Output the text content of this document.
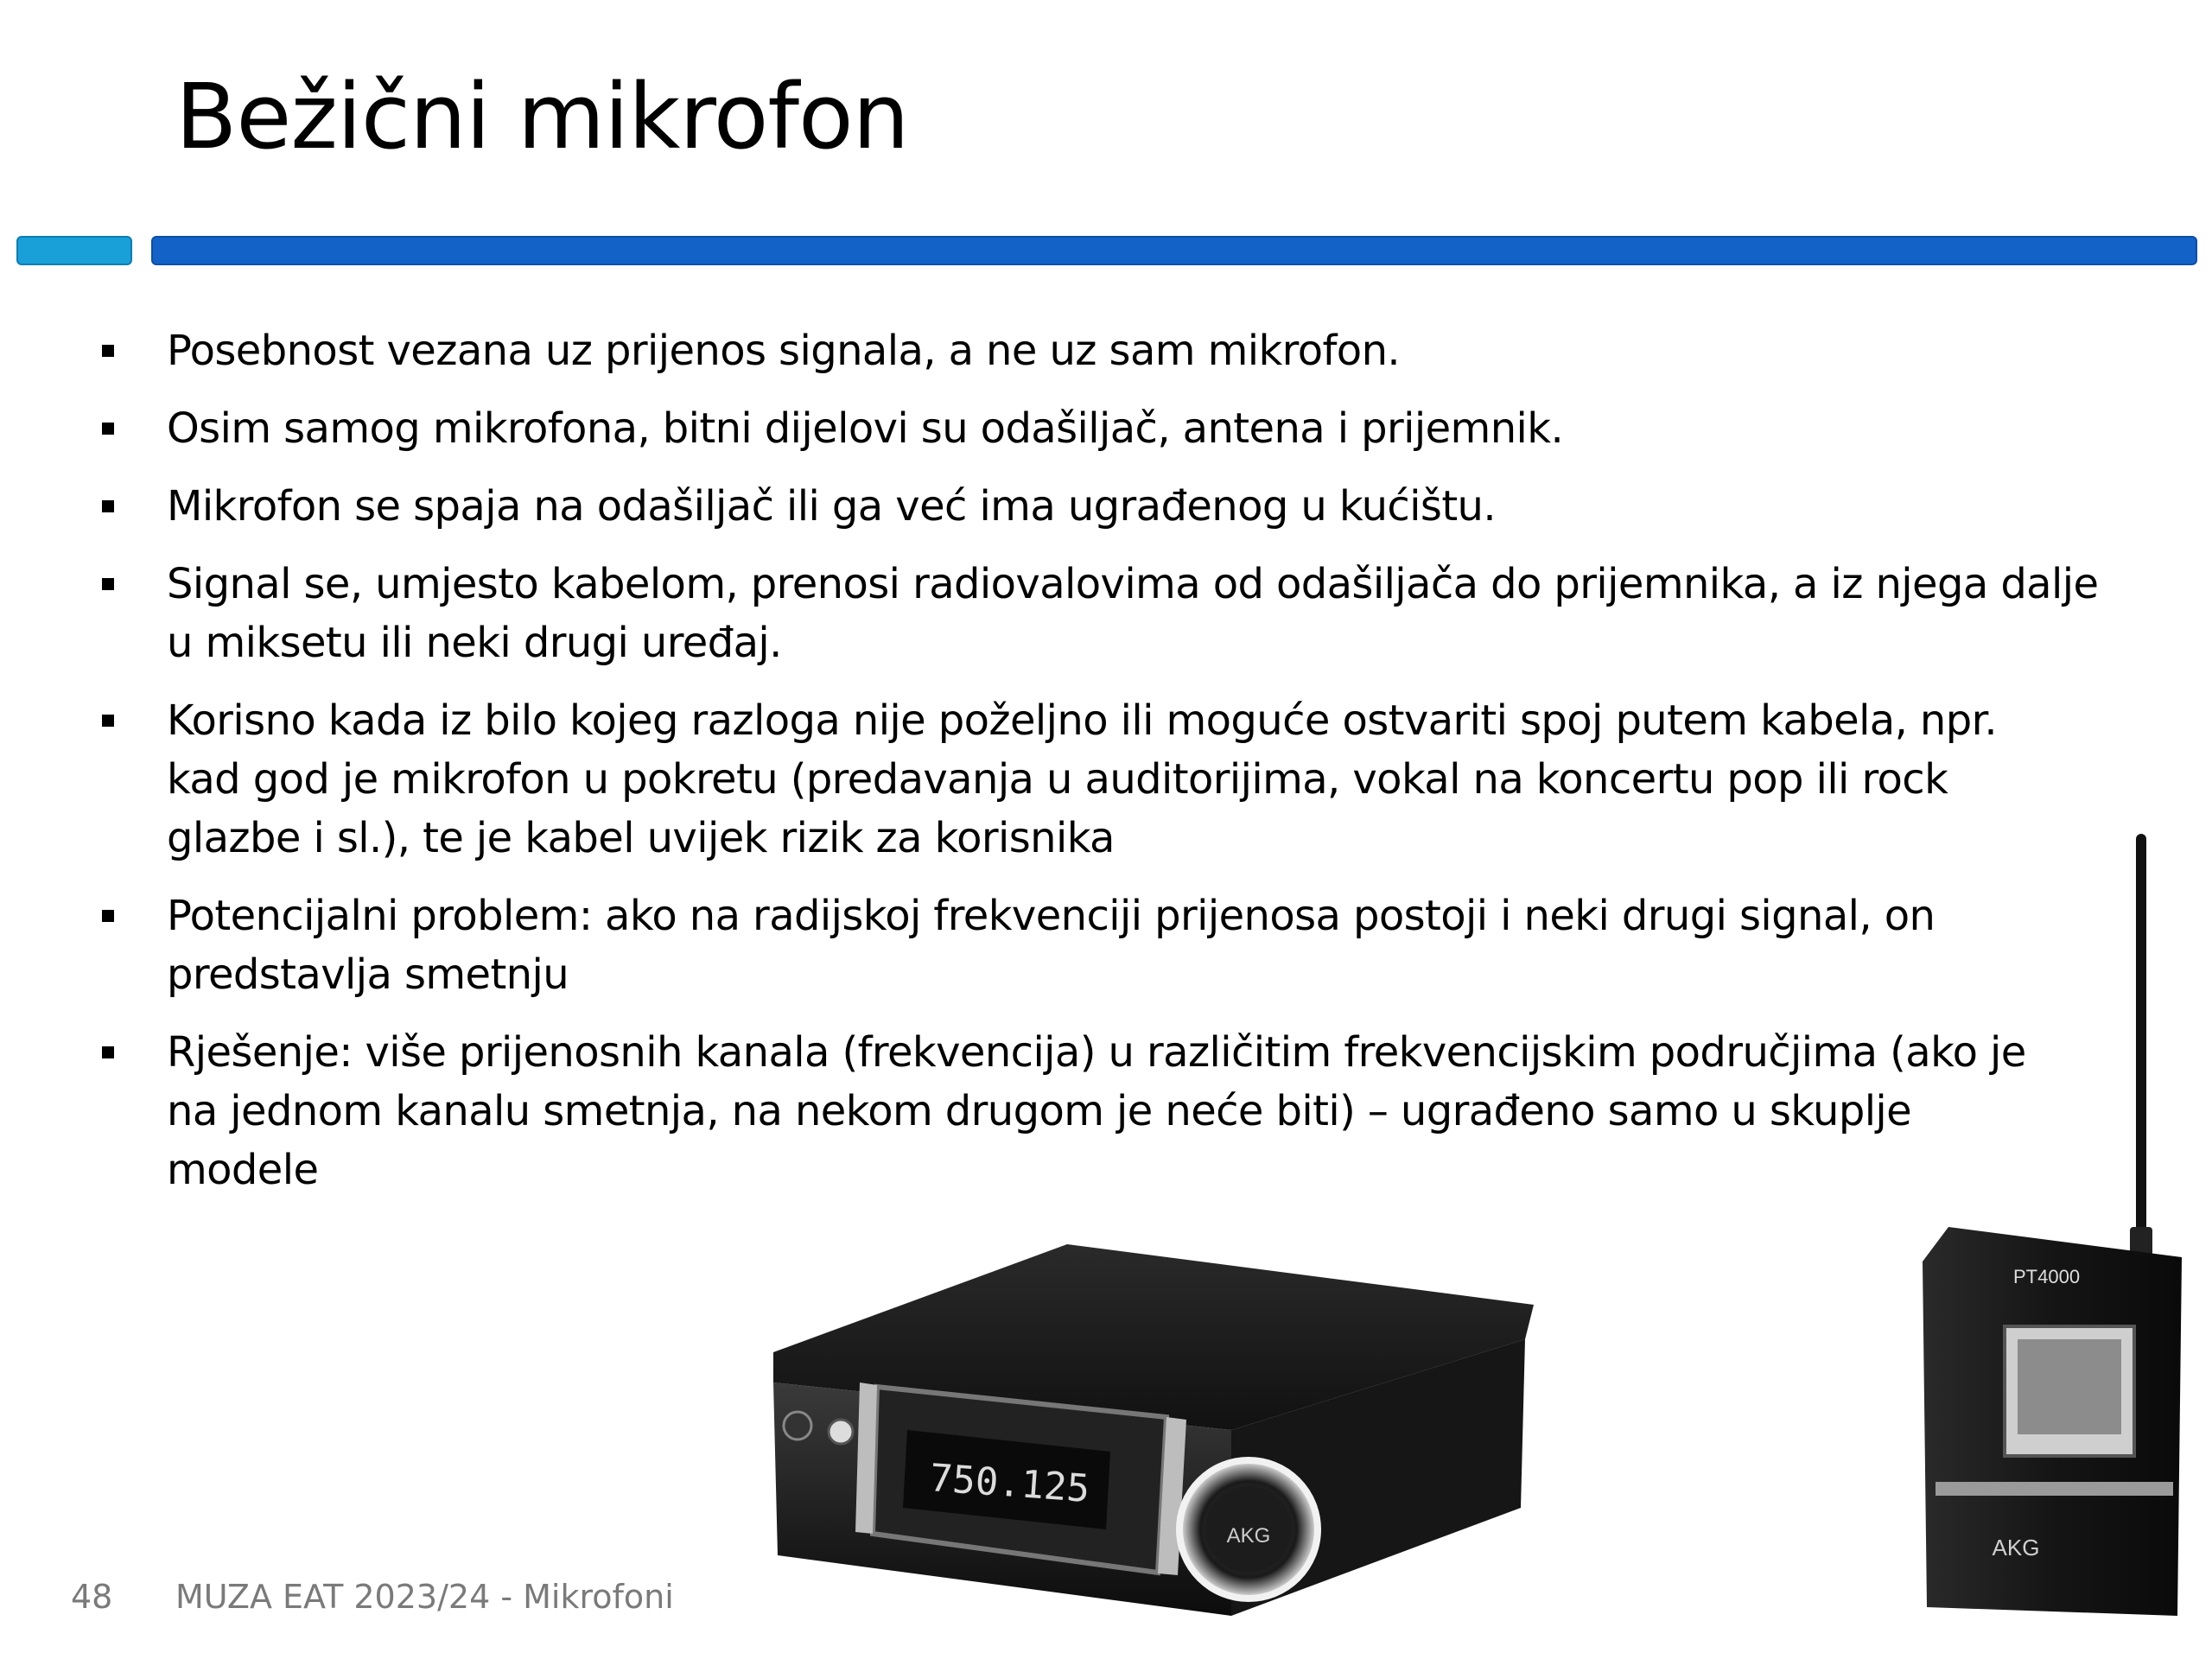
Bežični mikrofon
Posebnost vezana uz prijenos signala, a ne uz sam mikrofon.
Osim samog mikrofona, bitni dijelovi su odašiljač, antena i prijemnik.
Mikrofon se spaja na odašiljač ili ga već ima ugrađenog u kućištu.
Signal se, umjesto kabelom, prenosi radiovalovima od odašiljača do prijemnika, a iz njega dalje u miksetu ili neki drugi uređaj.
Korisno kada iz bilo kojeg razloga nije poželjno ili moguće ostvariti spoj putem kabela, npr. kad god je mikrofon u pokretu (predavanja u auditorijima, vokal na koncertu pop ili rock glazbe i sl.), te je kabel uvijek rizik za korisnika
Potencijalni problem: ako na radijskoj frekvenciji prijenosa postoji i neki drugi signal, on predstavlja smetnju
Rješenje: više prijenosnih kanala (frekvencija) u različitim frekvencijskim područjima (ako je na jednom kanalu smetnja, na nekom drugom je neće biti) – ugrađeno samo u skuplje modele
750.125
AKG
PT4000
AKG
48 MUZA EAT 2023/24 - Mikrofoni
